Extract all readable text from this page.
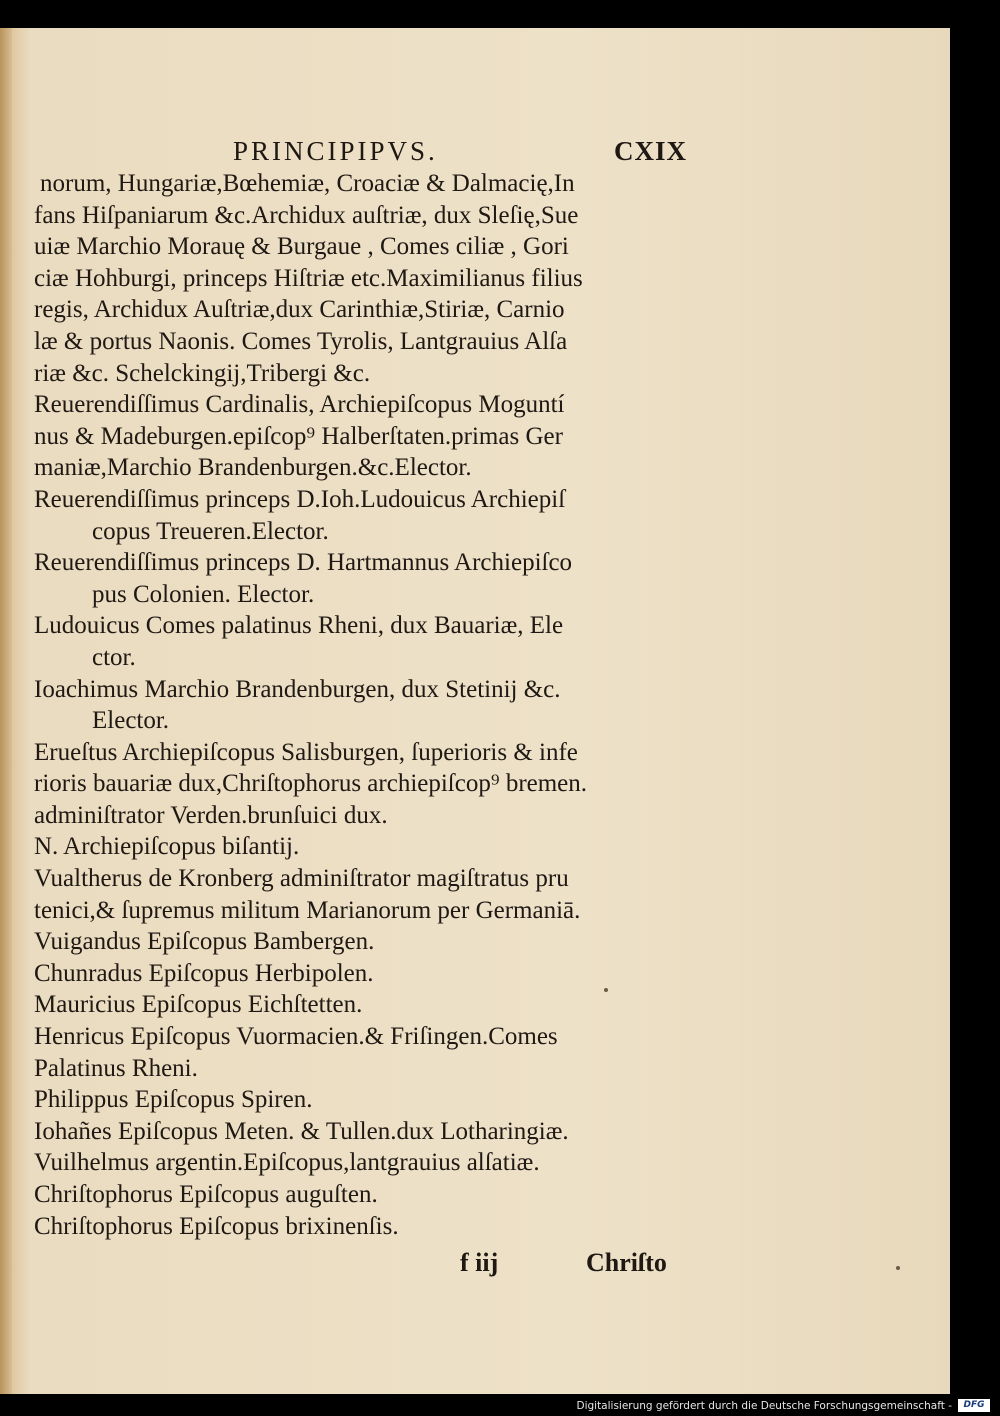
PRINCIPIPVS.	CXIX
norum, Hungariæ,Bœhemiæ, Croaciæ & Dalmacię,In
fans Hiſpaniarum &c.Archidux auſtriæ, dux Sleſię,Sue
uiæ Marchio Morauę & Burgaue , Comes ciliæ , Gori
ciæ Hohburgi, princeps Hiſtriæ etc.Maximilianus filius
regis, Archidux Auſtriæ,dux Carinthiæ,Stiriæ, Carnio
læ & portus Naonis. Comes Tyrolis, Lantgrauius Alſa
riæ &c. Schelckingij,Tribergi &c.
Reuerendiſſimus Cardinalis, Archiepiſcopus Moguntí
nus & Madeburgen.epiſcop⁹ Halberſtaten.primas Ger
maniæ,Marchio Brandenburgen.&c.Elector.
Reuerendiſſimus princeps D.Ioh.Ludouicus Archiepiſ
copus Treueren.Elector.
Reuerendiſſimus princeps D. Hartmannus Archiepiſco
pus Colonien. Elector.
Ludouicus Comes palatinus Rheni, dux Bauariæ, Ele
ctor.
Ioachimus Marchio Brandenburgen, dux Stetinij &c.
Elector.
Erueſtus Archiepiſcopus Salisburgen, ſuperioris & infe
rioris bauariæ dux,Chriſtophorus archiepiſcop⁹ bremen.
adminiſtrator Verden.brunſuici dux.
N. Archiepiſcopus biſantij.
Vualtherus de Kronberg adminiſtrator magiſtratus pru
tenici,& ſupremus militum Marianorum per Germaniā.
Vuigandus Epiſcopus Bambergen.
Chunradus Epiſcopus Herbipolen.
Mauricius Epiſcopus Eichſtetten.
Henricus Epiſcopus Vuormacien.& Friſingen.Comes
Palatinus Rheni.
Philippus Epiſcopus Spiren.
Iohañes Epiſcopus Meten. & Tullen.dux Lotharingiæ.
Vuilhelmus argentin.Epiſcopus,lantgrauius alſatiæ.
Chriſtophorus Epiſcopus auguſten.
Chriſtophorus Epiſcopus brixinenſis.
f iij	Chriſto
Digitalisierung gefördert durch die Deutsche Forschungsgemeinschaft -	DFG
